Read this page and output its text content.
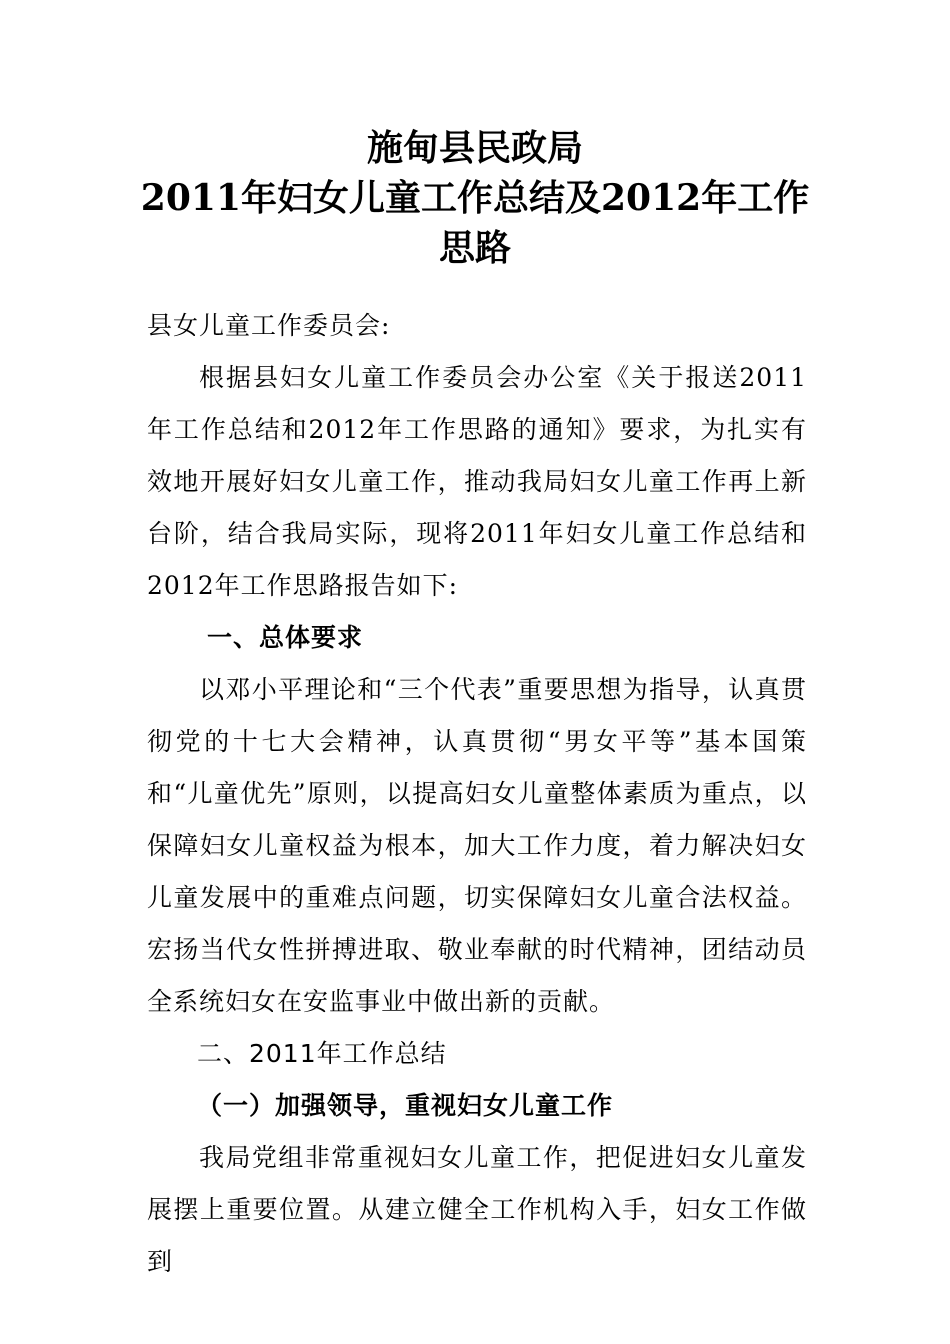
施甸县民政局
2011年妇女儿童工作总结及2012年工作
思路

县女儿童工作委员会:

根据县妇女儿童工作委员会办公室《关于报送2011年工作总结和2012年工作思路的通知》要求，为扎实有效地开展好妇女儿童工作，推动我局妇女儿童工作再上新台阶，结合我局实际，现将2011年妇女儿童工作总结和2012年工作思路报告如下:

一、总体要求

以邓小平理论和“三个代表”重要思想为指导，认真贯彻党的十七大会精神，认真贯彻“男女平等”基本国策和“儿童优先”原则，以提高妇女儿童整体素质为重点，以保障妇女儿童权益为根本，加大工作力度，着力解决妇女儿童发展中的重难点问题，切实保障妇女儿童合法权益。宏扬当代女性拼搏进取、敬业奉献的时代精神，团结动员全系统妇女在安监事业中做出新的贡献。

二、2011年工作总结

（一）加强领导，重视妇女儿童工作

我局党组非常重视妇女儿童工作，把促进妇女儿童发展摆上重要位置。从建立健全工作机构入手，妇女工作做到
